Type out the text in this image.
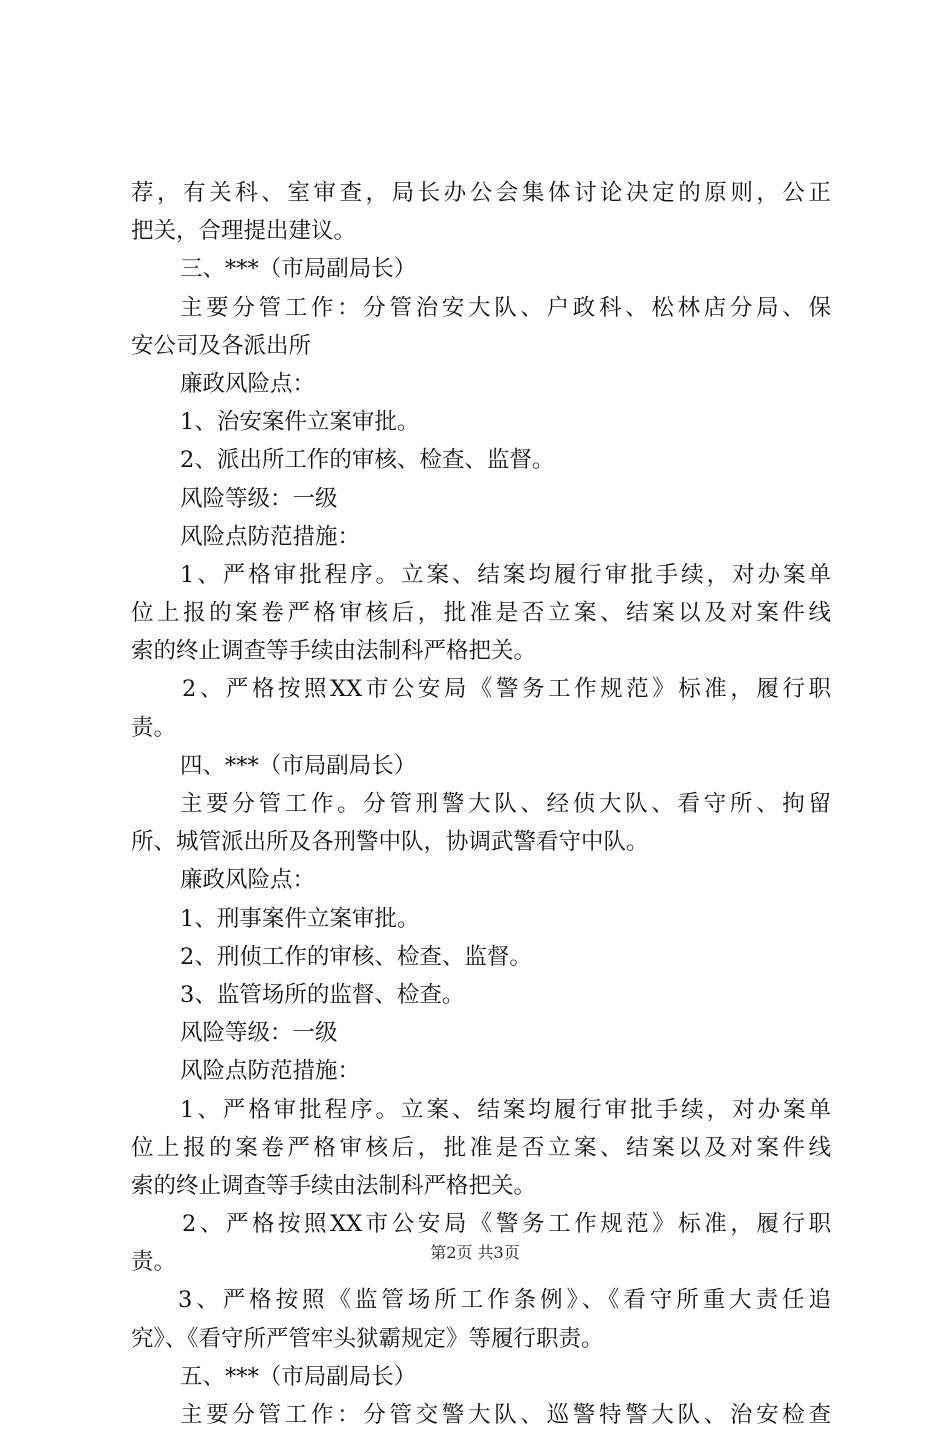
荐，有关科、室审查，局长办公会集体讨论决定的原则，公正
把关，合理提出建议。
三、***（市局副局长）
主要分管工作：分管治安大队、户政科、松林店分局、保
安公司及各派出所
廉政风险点：
1、治安案件立案审批。
2、派出所工作的审核、检查、监督。
风险等级：一级
风险点防范措施：
1、严格审批程序。立案、结案均履行审批手续，对办案单
位上报的案卷严格审核后，批准是否立案、结案以及对案件线
索的终止调查等手续由法制科严格把关。
2、严格按照XX市公安局《警务工作规范》标准，履行职
责。
四、***（市局副局长）
主要分管工作。分管刑警大队、经侦大队、看守所、拘留
所、城管派出所及各刑警中队，协调武警看守中队。
廉政风险点：
1、刑事案件立案审批。
2、刑侦工作的审核、检查、监督。
3、监管场所的监督、检查。
风险等级：一级
风险点防范措施：
1、严格审批程序。立案、结案均履行审批手续，对办案单
位上报的案卷严格审核后，批准是否立案、结案以及对案件线
索的终止调查等手续由法制科严格把关。
2、严格按照XX市公安局《警务工作规范》标准，履行职
责。
3、严格按照《监管场所工作条例》、《看守所重大责任追
究》、《看守所严管牢头狱霸规定》等履行职责。
五、***（市局副局长）
主要分管工作：分管交警大队、巡警特警大队、治安检查
第2页 共3页
